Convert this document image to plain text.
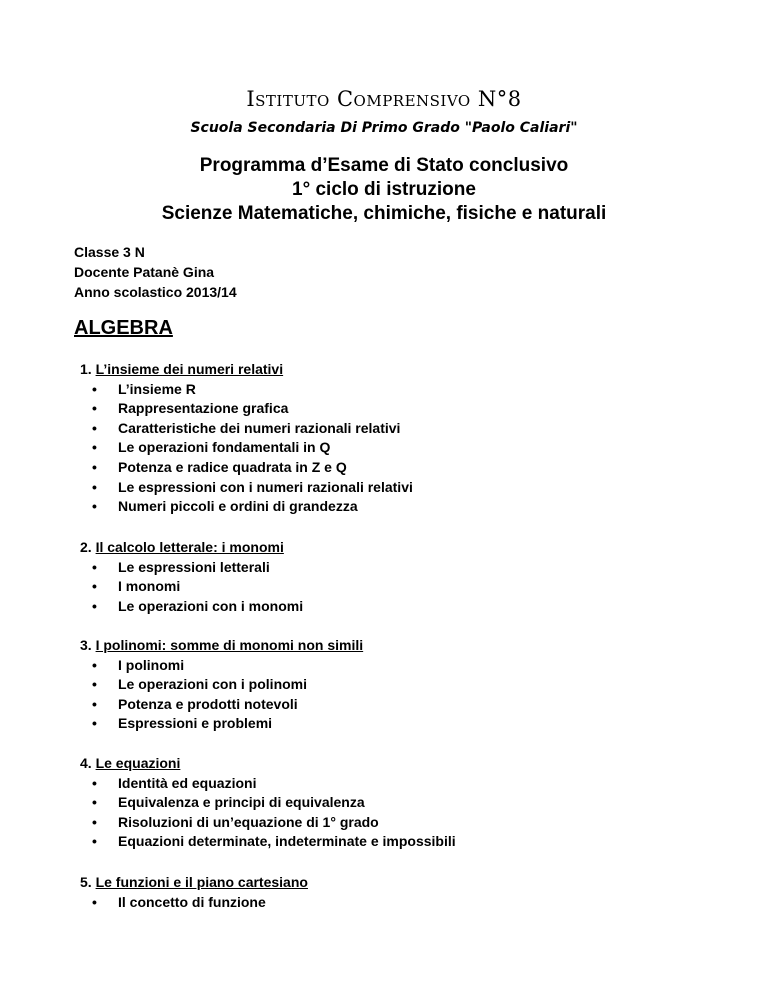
Istituto Comprensivo N°8
Scuola Secondaria Di Primo Grado "Paolo Caliari"
Programma d’Esame di Stato conclusivo
1° ciclo di istruzione
Scienze Matematiche, chimiche, fisiche e naturali
Classe 3 N
Docente Patanè Gina
Anno scolastico 2013/14
ALGEBRA
1. L’insieme dei numeri relativi
• L’insieme R
• Rappresentazione grafica
• Caratteristiche dei numeri razionali relativi
• Le operazioni fondamentali in Q
• Potenza e radice quadrata in Z e Q
• Le espressioni con i numeri razionali relativi
• Numeri piccoli e ordini di grandezza
2. Il calcolo letterale: i monomi
• Le espressioni letterali
• I monomi
• Le operazioni con i monomi
3. I polinomi: somme di monomi non simili
• I polinomi
• Le operazioni con i polinomi
• Potenza e prodotti notevoli
• Espressioni e problemi
4. Le equazioni
• Identità ed equazioni
• Equivalenza e principi di equivalenza
• Risoluzioni di un’equazione di 1° grado
• Equazioni determinate, indeterminate e impossibili
5. Le funzioni e il piano cartesiano
• Il concetto di funzione
